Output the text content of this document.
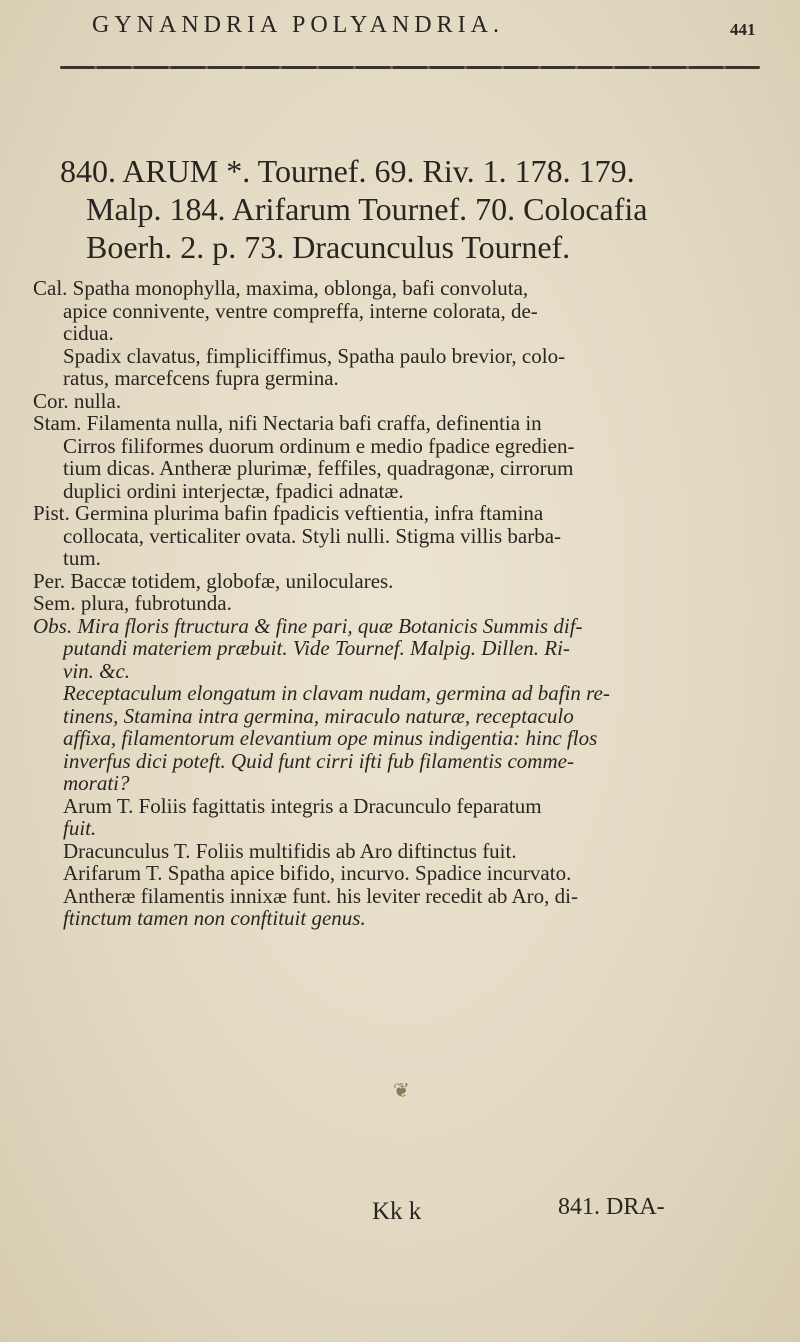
GYNANDRIA POLYANDRIA.	441
840. ARUM *. Tournef. 69. Riv. 1. 178. 179.
Malp. 184. Arifarum Tournef. 70. Colocafia
Boerh. 2. p. 73. Dracunculus Tournef.
Cal. Spatha monophylla, maxima, oblonga, bafi convoluta,
apice connivente, ventre compreffa, interne colorata, de-
cidua.
Spadix clavatus, fimpliciffimus, Spatha paulo brevior, colo-
ratus, marcefcens fupra germina.
Cor. nulla.
Stam. Filamenta nulla, nifi Nectaria bafi craffa, definentia in
Cirros filiformes duorum ordinum e medio fpadice egredien-
tium dicas. Antheræ plurimæ, feffiles, quadragonæ, cirrorum
duplici ordini interjectæ, fpadici adnatæ.
Pist. Germina plurima bafin fpadicis veftientia, infra ftamina
collocata, verticaliter ovata. Styli nulli. Stigma villis barba-
tum.
Per. Baccæ totidem, globofæ, uniloculares.
Sem. plura, fubrotunda.
Obs. Mira floris ftructura & fine pari, quæ Botanicis Summis dif-
putandi materiem præbuit. Vide Tournef. Malpig. Dillen. Ri-
vin. &c.
Receptaculum elongatum in clavam nudam, germina ad bafin re-
tinens, Stamina intra germina, miraculo naturæ, receptaculo
affixa, filamentorum elevantium ope minus indigentia: hinc flos
inverfus dici poteft. Quid funt cirri ifti fub filamentis comme-
morati?
Arum T. Foliis fagittatis integris a Dracunculo feparatum
fuit.
Dracunculus T. Foliis multifidis ab Aro diftinctus fuit.
Arifarum T. Spatha apice bifido, incurvo. Spadice incurvato.
Antheræ filamentis innixæ funt. his leviter recedit ab Aro, di-
ftinctum tamen non conftituit genus.
❦
Kk k	841. DRA-
